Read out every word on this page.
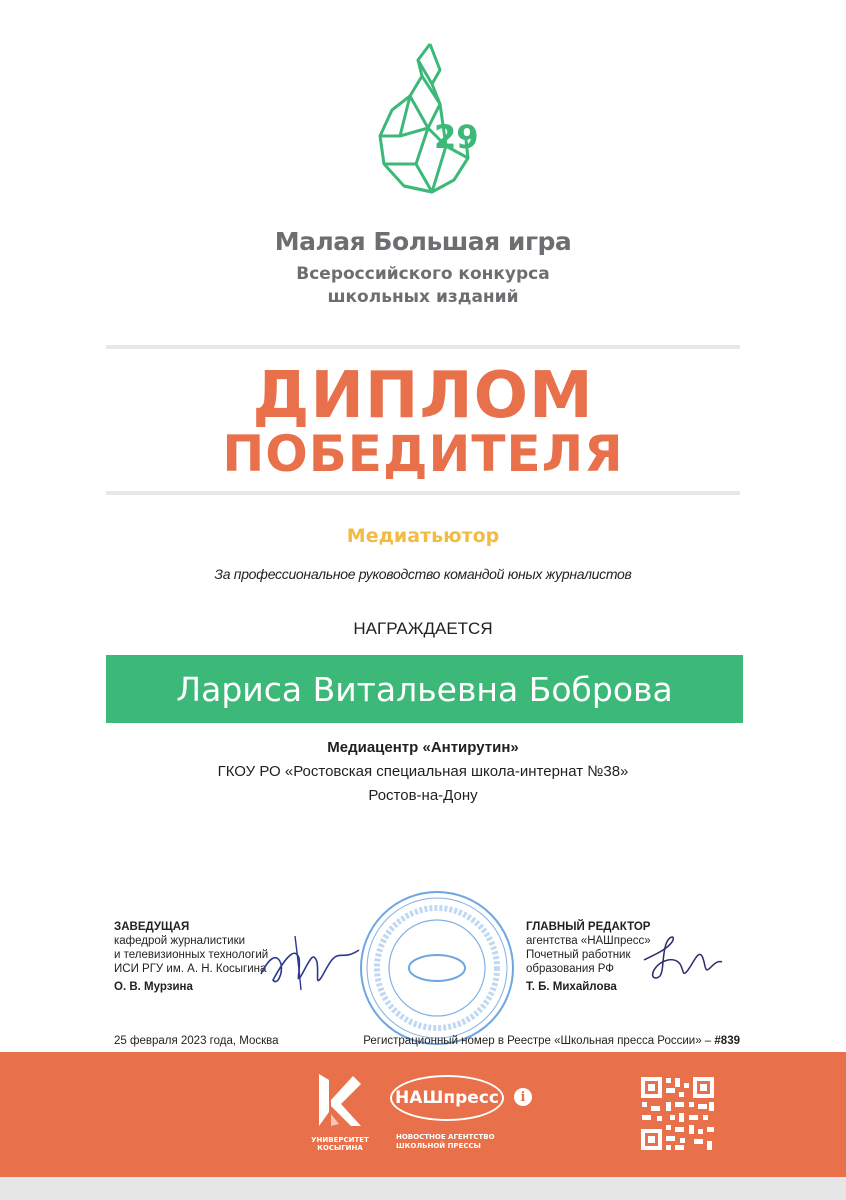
29
Малая Большая игра
Всероссийского конкурса
школьных изданий
ДИПЛОМ
ПОБЕДИТЕЛЯ
Медиатьютор
За профессиональное руководство командой юных журналистов
НАГРАЖДАЕТСЯ
Лариса Витальевна Боброва
Медиацентр «Антирутин»
ГКОУ РО «Ростовская специальная школа-интернат №38»
Ростов-на-Дону
ЗАВЕДУЩАЯ
кафедрой журналистики
и телевизионных технологий
ИСИ РГУ им. А. Н. Косыгина
О. В. Мурзина
ГЛАВНЫЙ РЕДАКТОР
агентства «НАШпресс»
Почетный работник
образования РФ
Т. Б. Михайлова
25 февраля 2023 года, Москва	Регистрационный номер в Реестре «Школьная пресса России» – #839
УНИВЕРСИТЕТ
КОСЫГИНА
НАШпресс	i
НОВОСТНОЕ АГЕНТСТВО
ШКОЛЬНОЙ ПРЕССЫ
